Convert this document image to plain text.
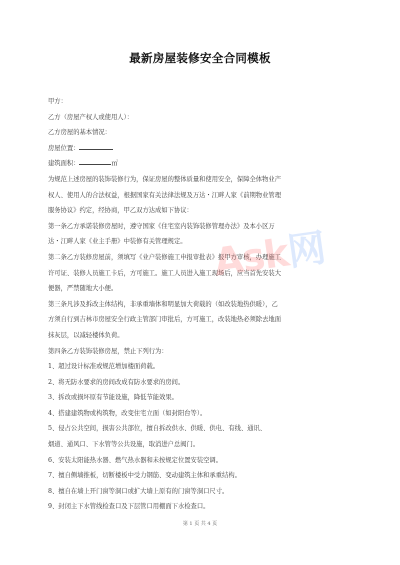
最新房屋装修安全合同模板
甲方：
乙方（房屋产权人或使用人）：
乙方房屋的基本情况：
房屋位置：
建筑面积：	㎡
为规范上述房屋的装饰装修行为，保证房屋的整体质量和使用安全，保障全体物业产
权人、使用人的合法权益，根据国家有关法律法规及万达・江畔人家《前期物业管理
服务协议》约定，经协商，甲乙双方达成如下协议：
第一条乙方承诺装修房屋时，遵守国家《住宅室内装饰装修管理办法》及本小区万
达・江畔人家《业主手册》中装修有关管理规定。
第二条乙方装修房屋前，须填写《业户装修施工申报审批表》报甲方审核，办理施工
许可证、装修人员施工卡后，方可施工。施工人员进入施工现场后，应当首先安装大
便器，严禁随地大小便。
第三条凡涉及拆改主体结构，非承重墙体和明显加大荷载的（如改装地热供暖），乙
方须自行到吉林市房屋安全行政主管部门审批后，方可施工，改装地热必须除去地面
抹灰层，以减轻楼体负荷。
第四条乙方装饰装修房屋，禁止下列行为：
1、超过设计标准或规范增加楼面荷载。
2、将无防水要求的房间改成有防水要求的房间。
3、拆改或损坏原有节能设施，降低节能效果。
4、搭建建筑物或构筑物，改变住宅立面（如封阳台等）。
5、侵占公共空间，损害公共部位，擅自拆改供水、供暖、供电、有线、通讯、
烟道、通风口、下水管等公共设施，取消进户总阀门。
6、安装太阳能热水器、燃气热水器和未按规定位置安装空调。
7、擅自侧墙推板，切断楼板中受力钢筋、变动建筑主体和承重结构。
8、擅自在墙上开门窗等洞口或扩大墙上原有的门窗等洞口尺寸。
9、封闭主下水管线检查口及下层管口用棚面下水检查口。
Ask网
第 1 页 共 4 页
